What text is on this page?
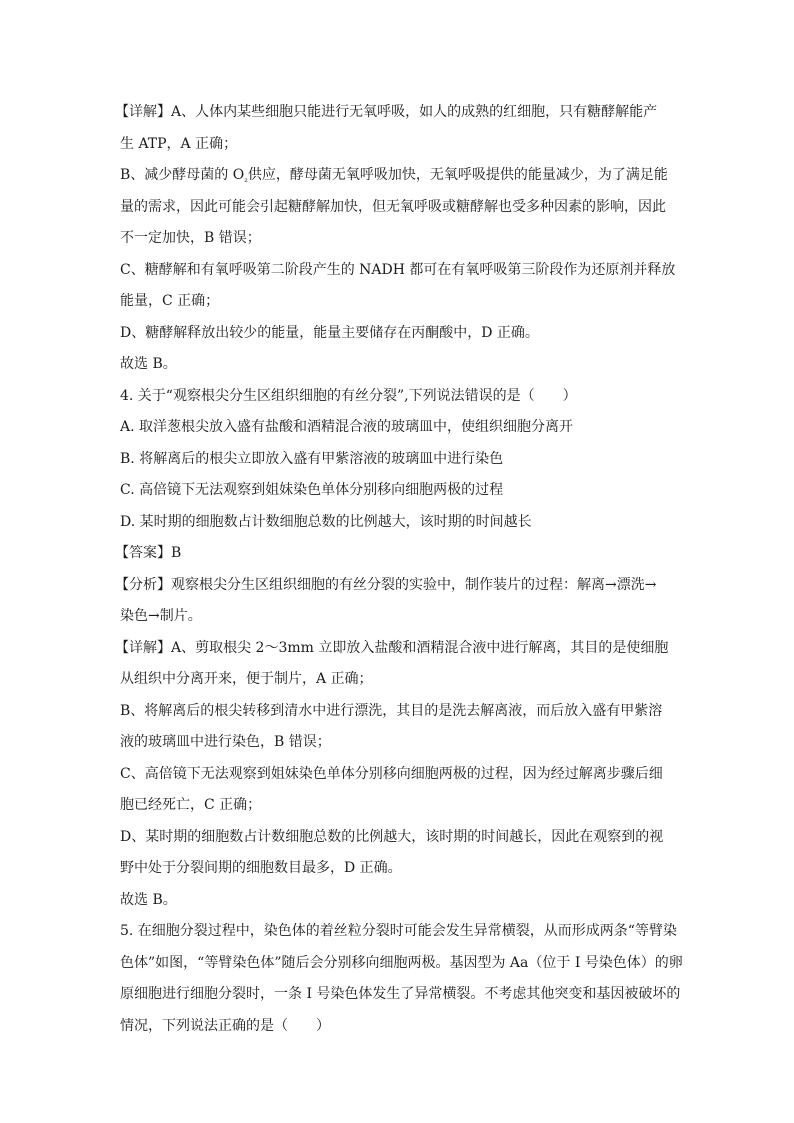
【详解】A、人体内某些细胞只能进行无氧呼吸，如人的成熟的红细胞，只有糖酵解能产
生 ATP，A 正确；
B、减少酵母菌的 $O_{_2}$供应，酵母菌无氧呼吸加快，无氧呼吸提供的能量减少，为了满足能
量的需求，因此可能会引起糖酵解加快，但无氧呼吸或糖酵解也受多种因素的影响，因此
不一定加快，B 错误；
C、糖酵解和有氧呼吸第二阶段产生的 NADH 都可在有氧呼吸第三阶段作为还原剂并释放
能量，C 正确；
D、糖酵解释放出较少的能量，能量主要储存在丙酮酸中，D 正确。
故选 B。
4. 关于“观察根尖分生区组织细胞的有丝分裂”,下列说法错误的是（　　）
A. 取洋葱根尖放入盛有盐酸和酒精混合液的玻璃皿中，使组织细胞分离开
B. 将解离后的根尖立即放入盛有甲紫溶液的玻璃皿中进行染色
C. 高倍镜下无法观察到姐妹染色单体分别移向细胞两极的过程
D. 某时期的细胞数占计数细胞总数的比例越大，该时期的时间越长
【答案】B
【分析】观察根尖分生区组织细胞的有丝分裂的实验中，制作装片的过程：解离→漂洗→
染色→制片。
【详解】A、剪取根尖 2～3mm 立即放入盐酸和酒精混合液中进行解离，其目的是使细胞
从组织中分离开来，便于制片，A 正确；
B、将解离后的根尖转移到清水中进行漂洗，其目的是洗去解离液，而后放入盛有甲紫溶
液的玻璃皿中进行染色，B 错误；
C、高倍镜下无法观察到姐妹染色单体分别移向细胞两极的过程，因为经过解离步骤后细
胞已经死亡，C 正确；
D、某时期的细胞数占计数细胞总数的比例越大，该时期的时间越长，因此在观察到的视
野中处于分裂间期的细胞数目最多，D 正确。
故选 B。
5. 在细胞分裂过程中，染色体的着丝粒分裂时可能会发生异常横裂，从而形成两条“等臂染
色体”如图，“等臂染色体”随后会分别移向细胞两极。基因型为 Aa（位于 I 号染色体）的卵
原细胞进行细胞分裂时，一条 I 号染色体发生了异常横裂。不考虑其他突变和基因被破坏的
情况，下列说法正确的是（　　）
